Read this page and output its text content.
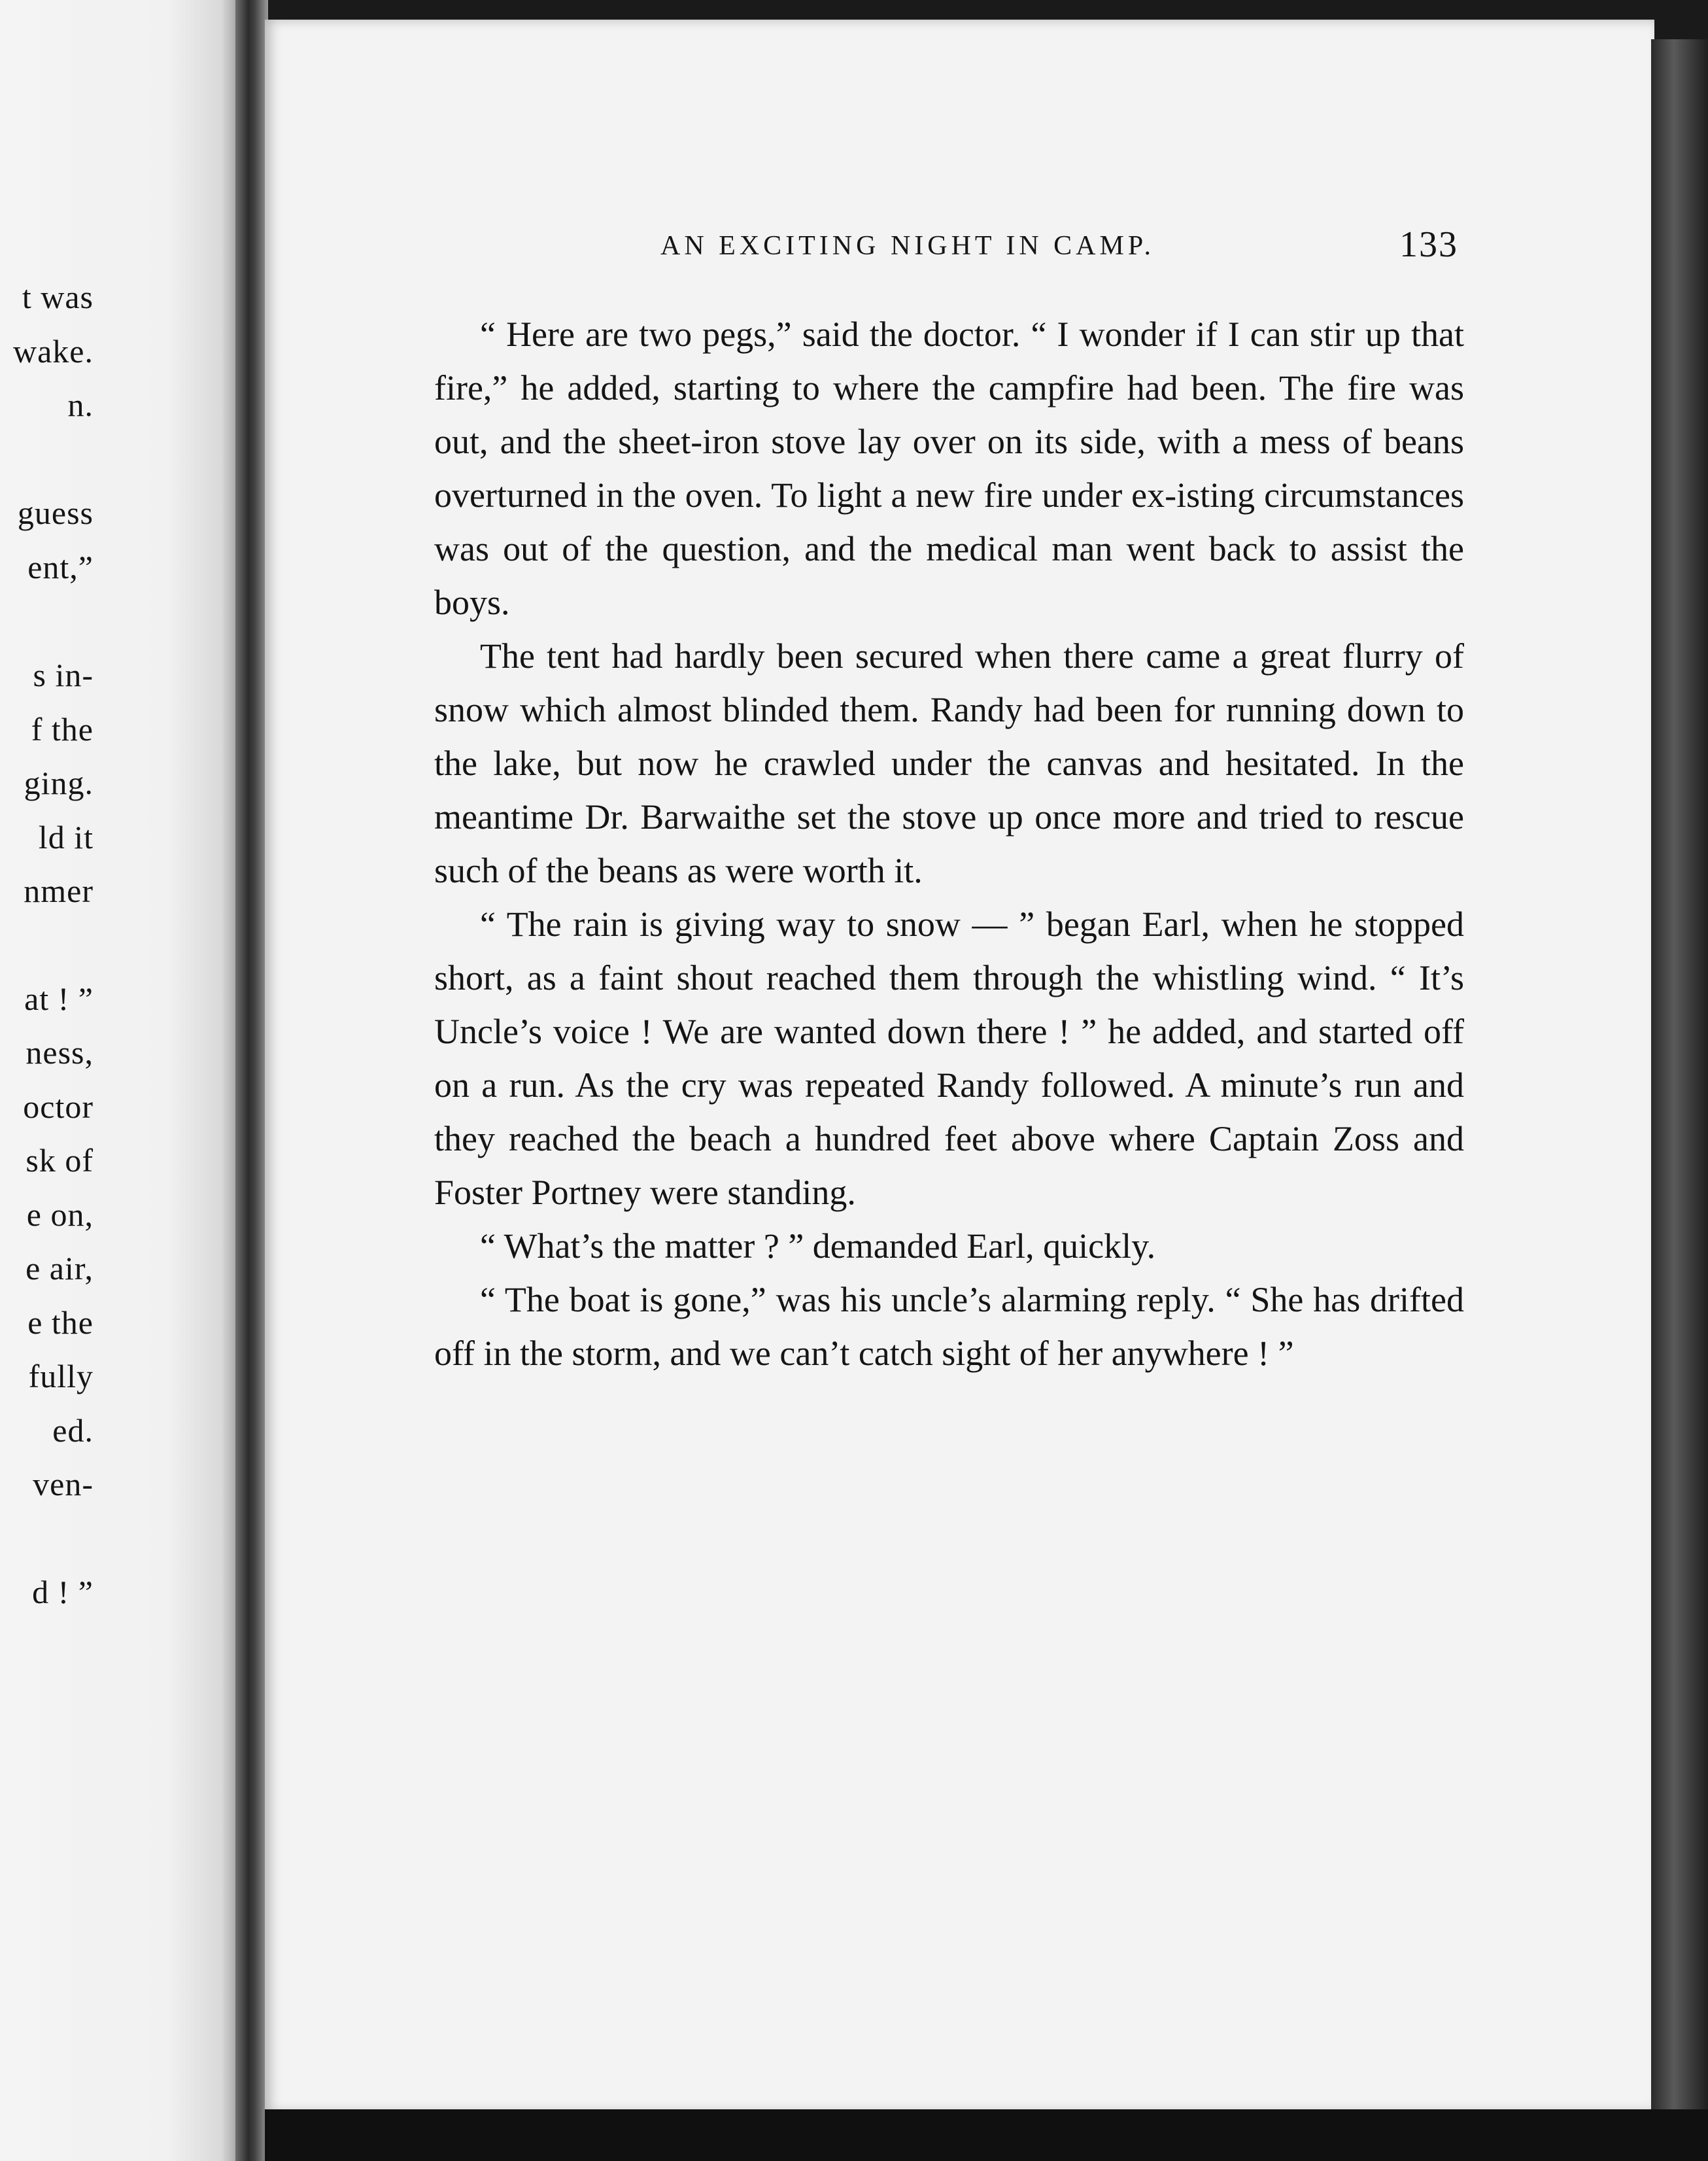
t was
wake.
n.
guess
ent,”
s in-
f the
ging.
ld it
nmer
at ! ”
ness,
octor
sk of
e on,
e air,
e the
fully
ed.
ven-
d ! ”
AN EXCITING NIGHT IN CAMP.	133

“ Here are two pegs,” said the doctor. “ I wonder if I can stir up that fire,” he added, starting to where the campfire had been. The fire was out, and the sheet-iron stove lay over on its side, with a mess of beans overturned in the oven. To light a new fire under ex-isting circumstances was out of the question, and the medical man went back to assist the boys.

The tent had hardly been secured when there came a great flurry of snow which almost blinded them. Randy had been for running down to the lake, but now he crawled under the canvas and hesitated. In the meantime Dr. Barwaithe set the stove up once more and tried to rescue such of the beans as were worth it.

“ The rain is giving way to snow — ” began Earl, when he stopped short, as a faint shout reached them through the whistling wind. “ It’s Uncle’s voice ! We are wanted down there ! ” he added, and started off on a run. As the cry was repeated Randy followed. A minute’s run and they reached the beach a hundred feet above where Captain Zoss and Foster Portney were standing.

“ What’s the matter ? ” demanded Earl, quickly.

“ The boat is gone,” was his uncle’s alarming reply. “ She has drifted off in the storm, and we can’t catch sight of her anywhere ! ”
